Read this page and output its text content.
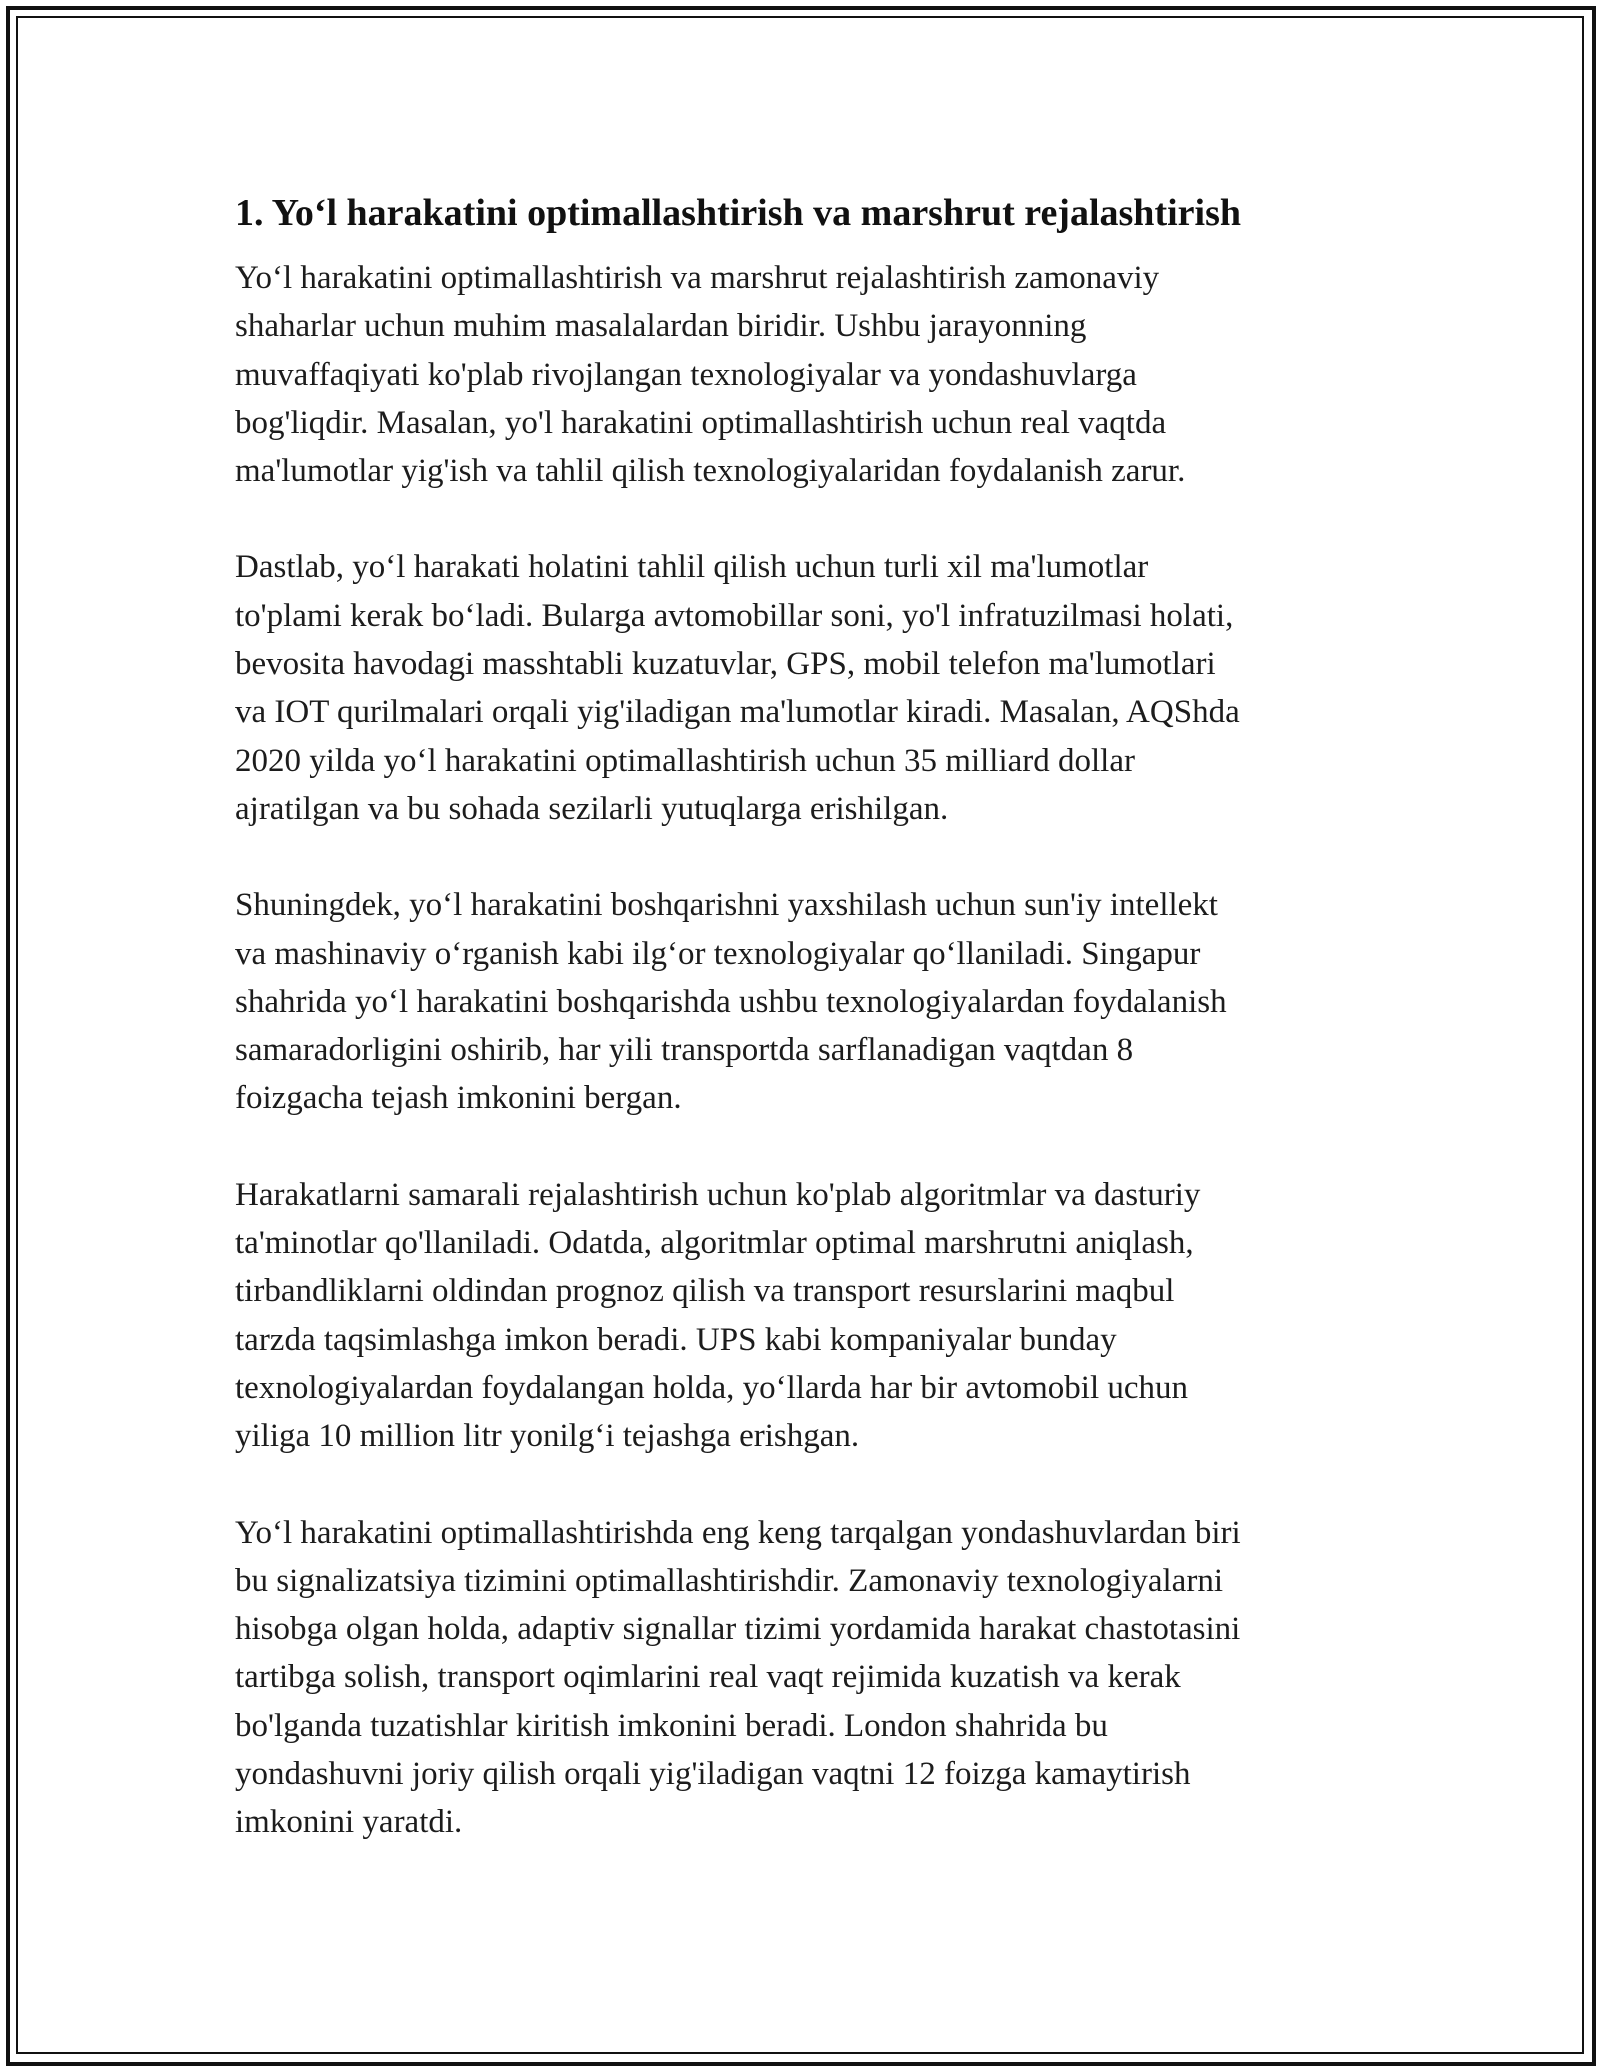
1. Yo‘l harakatini optimallashtirish va marshrut rejalashtirish

Yo‘l harakatini optimallashtirish va marshrut rejalashtirish zamonaviy
shaharlar uchun muhim masalalardan biridir. Ushbu jarayonning
muvaffaqiyati ko'plab rivojlangan texnologiyalar va yondashuvlarga
bog'liqdir. Masalan, yo'l harakatini optimallashtirish uchun real vaqtda
ma'lumotlar yig'ish va tahlil qilish texnologiyalaridan foydalanish zarur.

Dastlab, yo‘l harakati holatini tahlil qilish uchun turli xil ma'lumotlar
to'plami kerak bo‘ladi. Bularga avtomobillar soni, yo'l infratuzilmasi holati,
bevosita havodagi masshtabli kuzatuvlar, GPS, mobil telefon ma'lumotlari
va IOT qurilmalari orqali yig'iladigan ma'lumotlar kiradi. Masalan, AQShda
2020 yilda yo‘l harakatini optimallashtirish uchun 35 milliard dollar
ajratilgan va bu sohada sezilarli yutuqlarga erishilgan.

Shuningdek, yo‘l harakatini boshqarishni yaxshilash uchun sun'iy intellekt
va mashinaviy o‘rganish kabi ilg‘or texnologiyalar qo‘llaniladi. Singapur
shahrida yo‘l harakatini boshqarishda ushbu texnologiyalardan foydalanish
samaradorligini oshirib, har yili transportda sarflanadigan vaqtdan 8
foizgacha tejash imkonini bergan.

Harakatlarni samarali rejalashtirish uchun ko'plab algoritmlar va dasturiy
ta'minotlar qo'llaniladi. Odatda, algoritmlar optimal marshrutni aniqlash,
tirbandliklarni oldindan prognoz qilish va transport resurslarini maqbul
tarzda taqsimlashga imkon beradi. UPS kabi kompaniyalar bunday
texnologiyalardan foydalangan holda, yo‘llarda har bir avtomobil uchun
yiliga 10 million litr yonilg‘i tejashga erishgan.

Yo‘l harakatini optimallashtirishda eng keng tarqalgan yondashuvlardan biri
bu signalizatsiya tizimini optimallashtirishdir. Zamonaviy texnologiyalarni
hisobga olgan holda, adaptiv signallar tizimi yordamida harakat chastotasini
tartibga solish, transport oqimlarini real vaqt rejimida kuzatish va kerak
bo'lganda tuzatishlar kiritish imkonini beradi. London shahrida bu
yondashuvni joriy qilish orqali yig'iladigan vaqtni 12 foizga kamaytirish
imkonini yaratdi.
